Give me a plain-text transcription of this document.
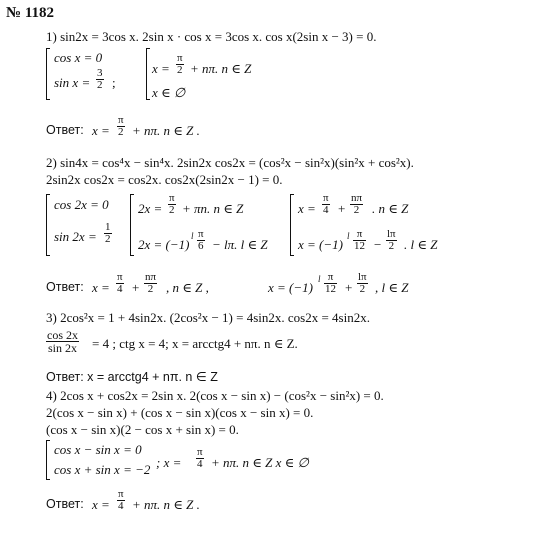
№ 1182
1) sin2x = 3cos x. 2sin x · cos x = 3cos x. cos x(2sin x − 3) = 0.
cos x = 0
$\sin x = \frac{3}{2}$ ;
$x = \frac{\pi}{2} + n\pi$. n ∈ Z
x ∈ ∅
Ответ: $x = \frac{\pi}{2} + n\pi$. n ∈ Z .
2) sin4x = cos⁴x − sin⁴x. 2sin2x cos2x = (cos²x − sin²x)(sin²x + cos²x).
2sin2x cos2x = cos2x. cos2x(2sin2x − 1) = 0.
cos 2x = 0
$\sin 2x = \frac{1}{2}$
$2x = \frac{\pi}{2} + \pi n$. n ∈ Z
2x = (−1)
l $\frac{\pi}{6} - l\pi$. l ∈ Z
$x = \frac{\pi}{4} + \frac{n\pi}{2}$ . n ∈ Z
x = (−1)
l $\frac{\pi}{12} - \frac{l\pi}{2}$ . l ∈ Z
Ответ: $x = \frac{\pi}{4} + \frac{n\pi}{2}$ , n ∈ Z ,	x = (−1)
l $\frac{\pi}{12} + \frac{l\pi}{2}$ , l ∈ Z
3) 2cos²x = 1 + 4sin2x. (2cos²x − 1) = 4sin2x. cos2x = 4sin2x.
$\frac{\cos 2x}{\sin 2x} = 4$ ; ctg x = 4; x = arcctg4 + nπ. n ∈ Z.
Ответ: x = arcctg4 + nπ. n ∈ Z
4) 2cos x + cos2x = 2sin x. 2(cos x − sin x) − (cos²x − sin²x) = 0.
2(cos x − sin x) + (cos x − sin x)(cos x − sin x) = 0.
(cos x − sin x)(2 − cos x + sin x) = 0.
cos x − sin x = 0
cos x + sin x = −2 ; $x = \frac{\pi}{4} + n\pi$. n ∈ Z x ∈ ∅
Ответ: $x = \frac{\pi}{4} + n\pi$. n ∈ Z .
